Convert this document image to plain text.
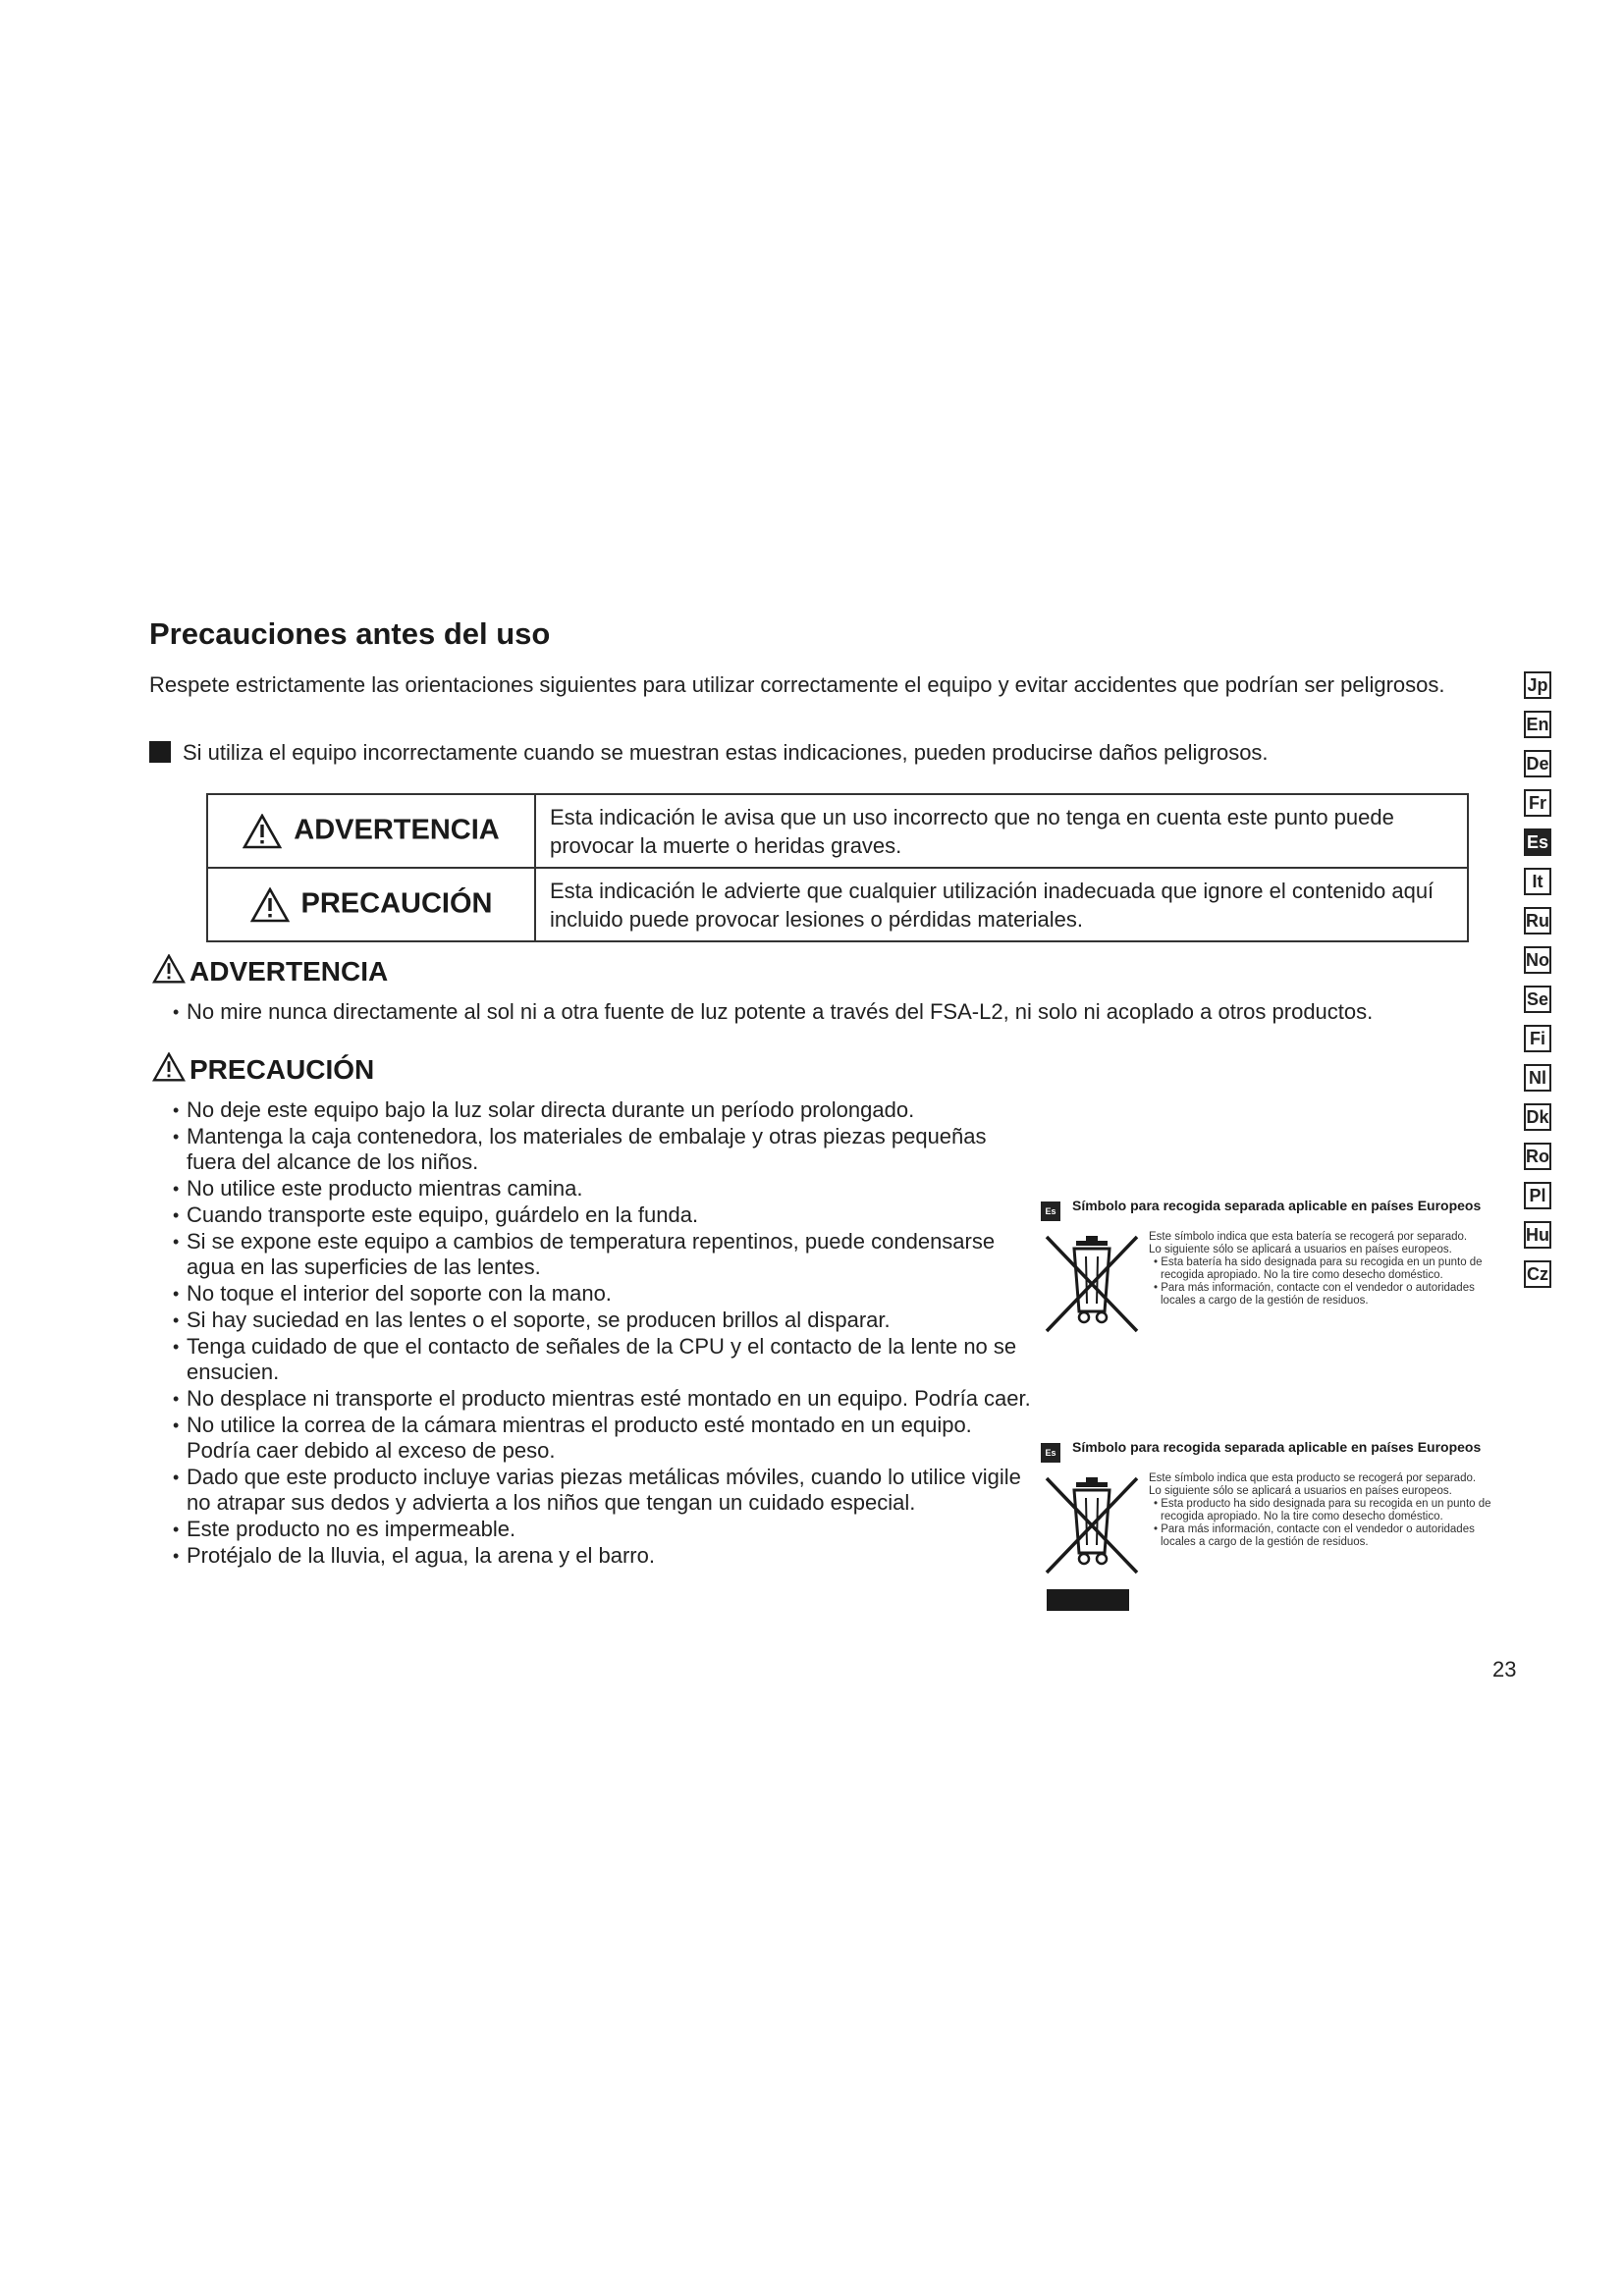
Precauciones antes del uso
Respete estrictamente las orientaciones siguientes para utilizar correctamente el equipo y evitar accidentes que podrían ser peligrosos.
Si utiliza el equipo incorrectamente cuando se muestran estas indicaciones, pueden producirse daños peligrosos.
ADVERTENCIA	Esta indicación le avisa que un uso incorrecto que no tenga en cuenta este punto puede provocar la muerte o heridas graves.
PRECAUCIÓN	Esta indicación le advierte que cualquier utilización inadecuada que ignore el contenido aquí incluido puede provocar lesiones o pérdidas materiales.
ADVERTENCIA
• No mire nunca directamente al sol ni a otra fuente de luz potente a través del FSA-L2, ni solo ni acoplado a otros productos.
PRECAUCIÓN
• No deje este equipo bajo la luz solar directa durante un período prolongado.
• Mantenga la caja contenedora, los materiales de embalaje y otras piezas pequeñas fuera del alcance de los niños.
• No utilice este producto mientras camina.
• Cuando transporte este equipo, guárdelo en la funda.
• Si se expone este equipo a cambios de temperatura repentinos, puede condensarse agua en las superficies de las lentes.
• No toque el interior del soporte con la mano.
• Si hay suciedad en las lentes o el soporte, se producen brillos al disparar.
• Tenga cuidado de que el contacto de señales de la CPU y el contacto de la lente no se ensucien.
• No desplace ni transporte el producto mientras esté montado en un equipo. Podría caer.
• No utilice la correa de la cámara mientras el producto esté montado en un equipo. Podría caer debido al exceso de peso.
• Dado que este producto incluye varias piezas metálicas móviles, cuando lo utilice vigile no atrapar sus dedos y advierta a los niños que tengan un cuidado especial.
• Este producto no es impermeable.
• Protéjalo de la lluvia, el agua, la arena y el barro.
Es	Símbolo para recogida separada aplicable en países Europeos
Este símbolo indica que esta batería se recogerá por separado.
Lo siguiente sólo se aplicará a usuarios en países europeos.
• Esta batería ha sido designada para su recogida en un punto de recogida apropiado. No la tire como desecho doméstico.
• Para más información, contacte con el vendedor o autoridades locales a cargo de la gestión de residuos.
Es	Símbolo para recogida separada aplicable en países Europeos
Este símbolo indica que esta producto se recogerá por separado.
Lo siguiente sólo se aplicará a usuarios en países europeos.
• Esta producto ha sido designada para su recogida en un punto de recogida apropiado. No la tire como desecho doméstico.
• Para más información, contacte con el vendedor o autoridades locales a cargo de la gestión de residuos.
Jp
En
De
Fr
Es
It
Ru
No
Se
Fi
Nl
Dk
Ro
Pl
Hu
Cz
23
